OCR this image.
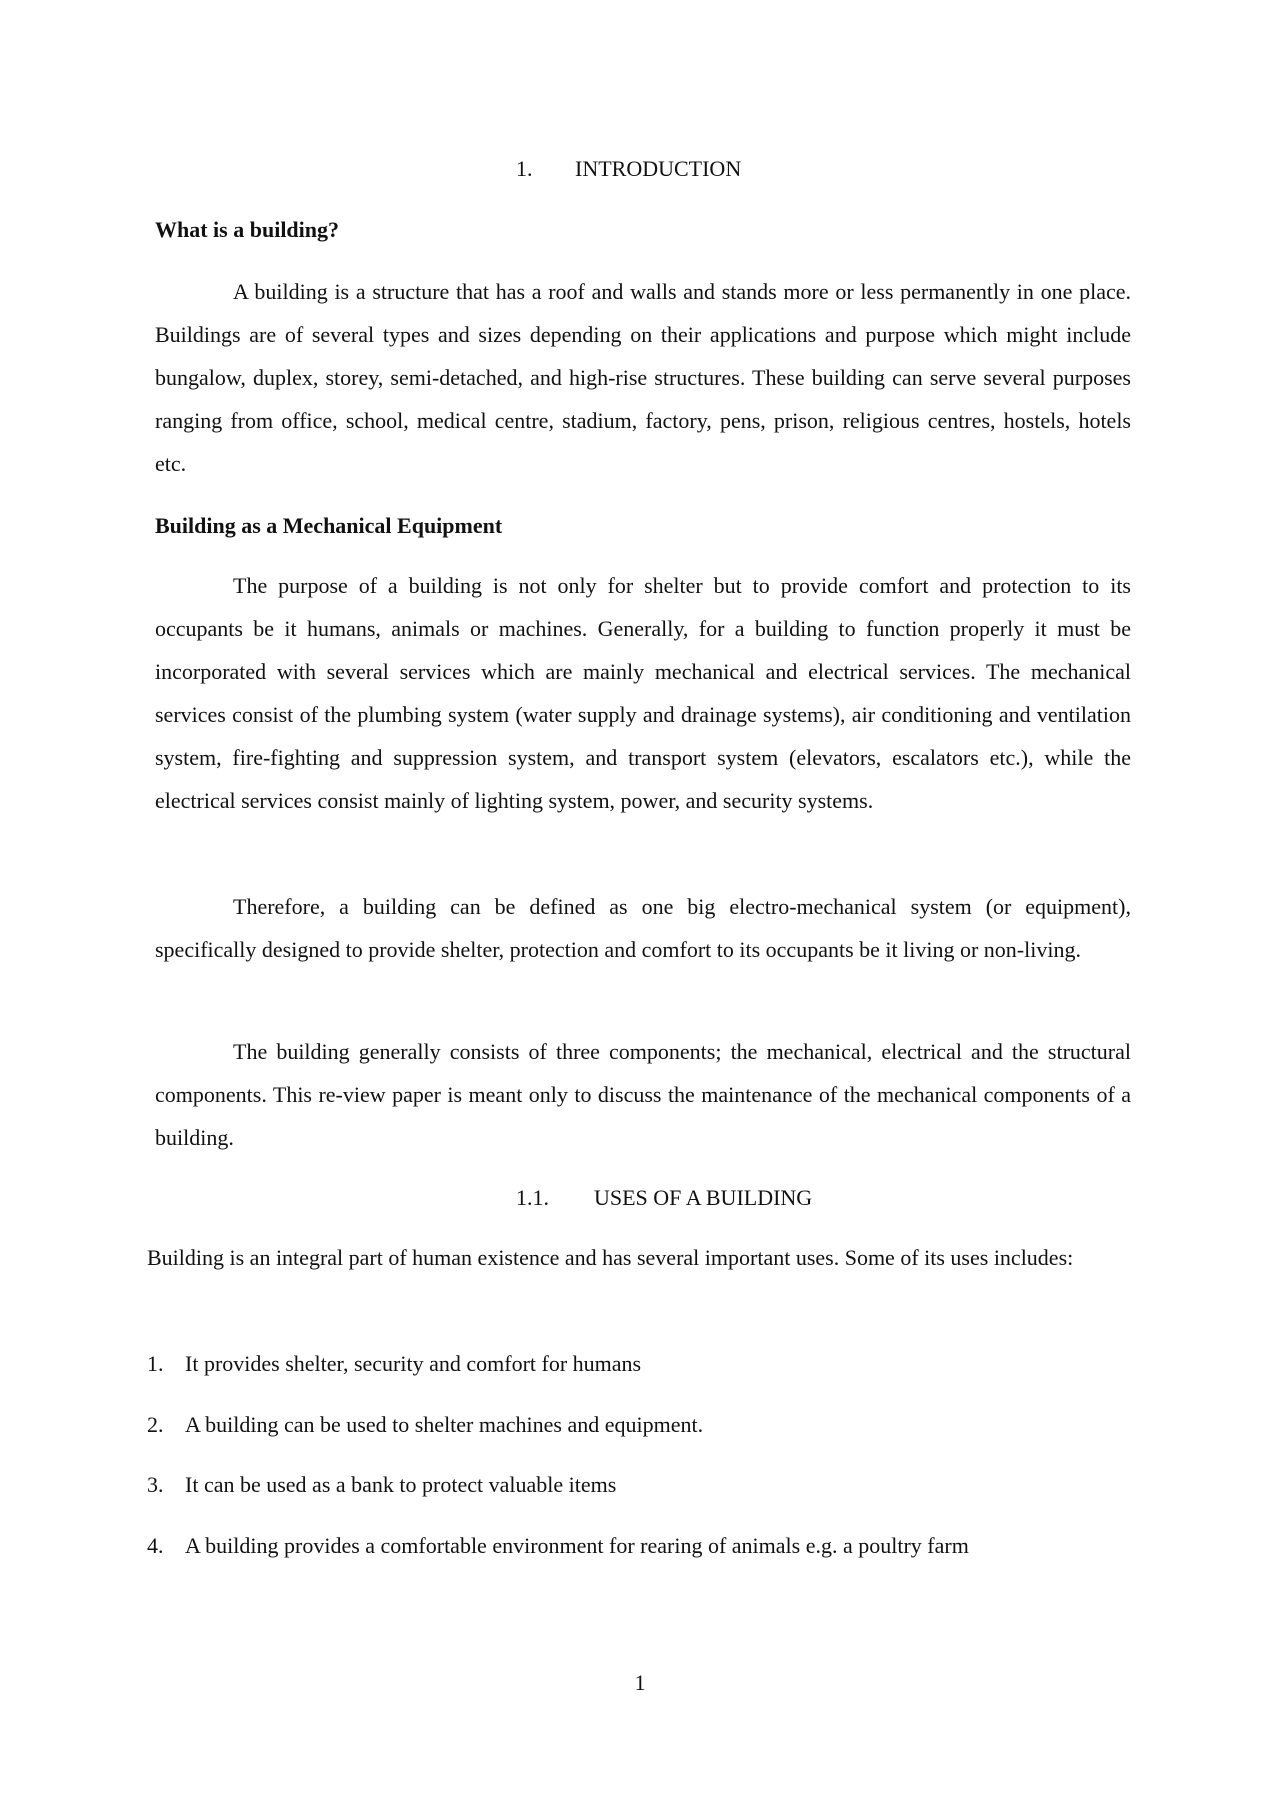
1. INTRODUCTION

What is a building?

A building is a structure that has a roof and walls and stands more or less permanently in one place. Buildings are of several types and sizes depending on their applications and purpose which might include bungalow, duplex, storey, semi-detached, and high-rise structures. These building can serve several purposes ranging from office, school, medical centre, stadium, factory, pens, prison, religious centres, hostels, hotels etc.

Building as a Mechanical Equipment

The purpose of a building is not only for shelter but to provide comfort and protection to its occupants be it humans, animals or machines. Generally, for a building to function properly it must be incorporated with several services which are mainly mechanical and electrical services. The mechanical services consist of the plumbing system (water supply and drainage systems), air conditioning and ventilation system, fire-fighting and suppression system, and transport system (elevators, escalators etc.), while the electrical services consist mainly of lighting system, power, and security systems.

Therefore, a building can be defined as one big electro-mechanical system (or equipment), specifically designed to provide shelter, protection and comfort to its occupants be it living or non-living.

The building generally consists of three components; the mechanical, electrical and the structural components. This re-view paper is meant only to discuss the maintenance of the mechanical components of a building.

1.1. USES OF A BUILDING

Building is an integral part of human existence and has several important uses. Some of its uses includes:

1. It provides shelter, security and comfort for humans
2. A building can be used to shelter machines and equipment.
3. It can be used as a bank to protect valuable items
4. A building provides a comfortable environment for rearing of animals e.g. a poultry farm
1
